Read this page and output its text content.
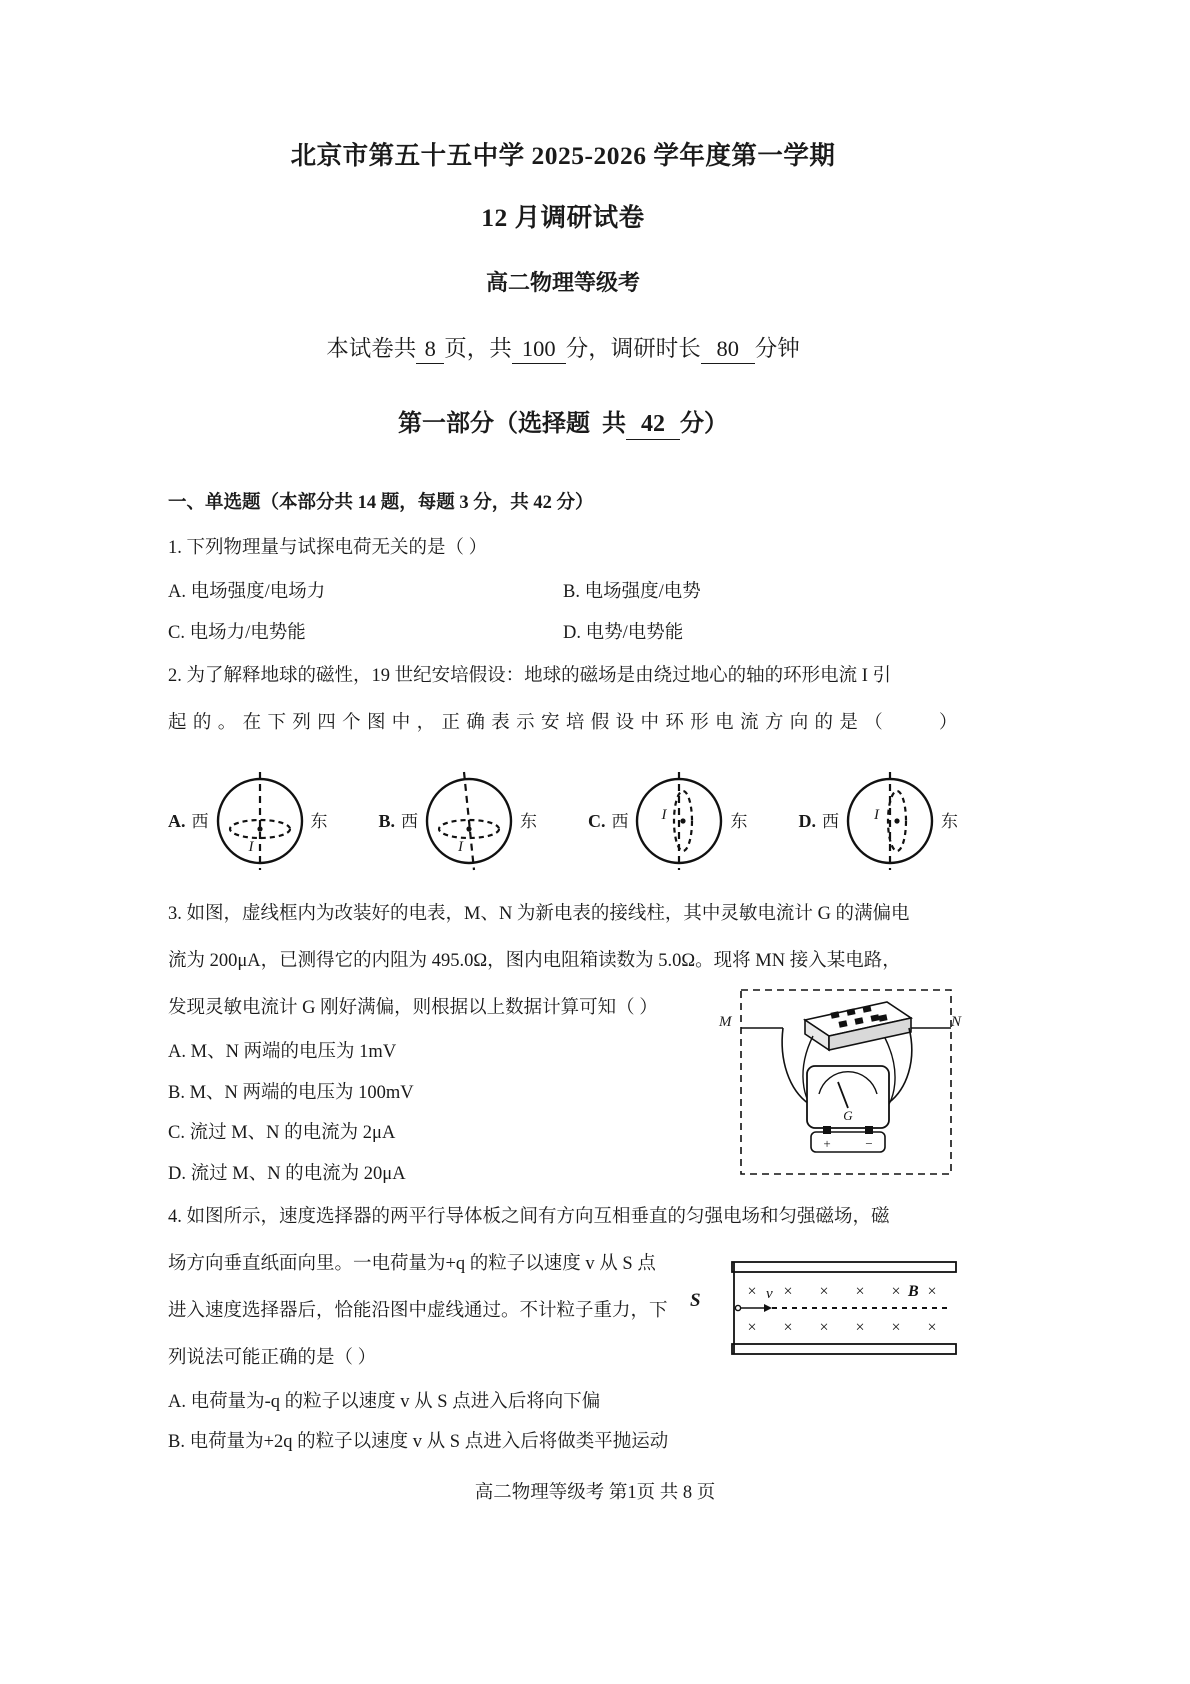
北京市第五十五中学 2025-2026 学年度第一学期
12 月调研试卷
高二物理等级考
本试卷共 8 页，共 100 分，调研时长 80 分钟
第一部分（选择题 共 42 分）
一、单选题（本部分共 14 题，每题 3 分，共 42 分）
1. 下列物理量与试探电荷无关的是（ ）
A. 电场强度/电场力	B. 电场强度/电势
C. 电场力/电势能	D. 电势/电势能
2. 为了解释地球的磁性，19 世纪安培假设：地球的磁场是由绕过地心的轴的环形电流 I 引
起的。在下列四个图中，正确表示安培假设中环形电流方向的是（　　）
A. 西
I
东	B. 西
I
东	C. 西 I	东	D. 西 I	东
3. 如图，虚线框内为改装好的电表，M、N 为新电表的接线柱，其中灵敏电流计 G 的满偏电
流为 200μA，已测得它的内阻为 495.0Ω，图内电阻箱读数为 5.0Ω。现将 MN 接入某电路，
发现灵敏电流计 G 刚好满偏，则根据以上数据计算可知（ ）
A. M、N 两端的电压为 1mV
B. M、N 两端的电压为 100mV
C. 流过 M、N 的电流为 2μA
D. 流过 M、N 的电流为 20μA
4. 如图所示，速度选择器的两平行导体板之间有方向互相垂直的匀强电场和匀强磁场，磁
场方向垂直纸面向里。一电荷量为+q 的粒子以速度 v 从 S 点
进入速度选择器后，恰能沿图中虚线通过。不计粒子重力，下
列说法可能正确的是（ ）
A. 电荷量为-q 的粒子以速度 v 从 S 点进入后将向下偏
B. 电荷量为+2q 的粒子以速度 v 从 S 点进入后将做类平抛运动
G
+	−
M	N
× × × × × ×
× × × × × ×
v	B
S
高二物理等级考 第1页 共 8 页
